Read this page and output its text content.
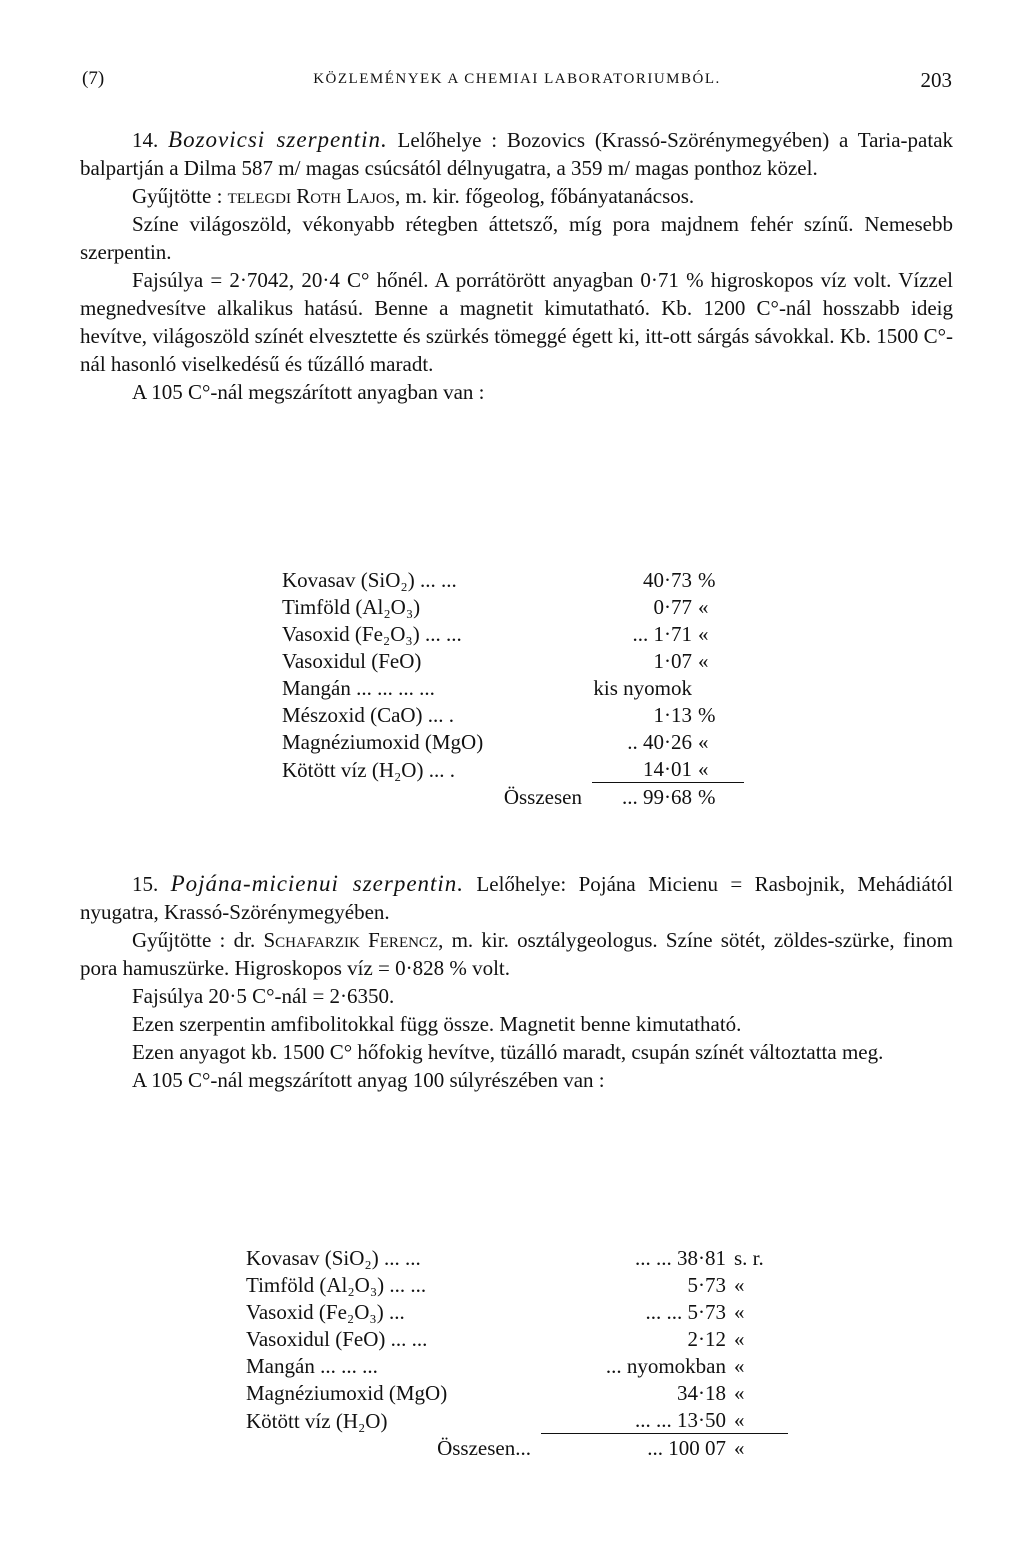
(7)	KÖZLEMÉNYEK A CHEMIAI LABORATORIUMBÓL.	203

14. Bozovicsi szerpentin. Lelőhelye : Bozovics (Krassó-Szörénymegyében) a Taria-patak balpartján a Dilma 587 m/ magas csúcsától délnyugatra, a 359 m/ magas ponthoz közel.

Gyűjtötte : telegdi Roth Lajos, m. kir. főgeolog, főbányatanácsos.

Színe világoszöld, vékonyabb rétegben áttetsző, míg pora majdnem fehér színű. Nemesebb szerpentin.

Fajsúlya = 2·7042, 20·4 C° hőnél. A porrátörött anyagban 0·71 % higroskopos víz volt. Vízzel megnedvesítve alkalikus hatású. Benne a magnetit kimutatható. Kb. 1200 C°-nál hosszabb ideig hevítve, világoszöld színét elvesztette és szürkés tömeggé égett ki, itt-ott sárgás sávokkal. Kb. 1500 C°-nál hasonló viselkedésű és tűzálló maradt.

A 105 C°-nál megszárított anyagban van :

Kovasav (SiO₂) ... ...	40·73	%
Timföld (Al₂O₃)	0·77	«
Vasoxid (Fe₂O₃) ... ...	... 1·71	«
Vasoxidul (FeO)	1·07	«
Mangán ... ... ... ...	kis nyomok	
Mészoxid (CaO) ... .	1·13	%
Magnéziumoxid (MgO)	.. 40·26	«
Kötött víz (H₂O) ... .	14·01	«
Összesen	... 99·68	%

15. Pojána-micienui szerpentin. Lelőhelye: Pojána Micienu = Rasbojnik, Mehádiától nyugatra, Krassó-Szörénymegyében.

Gyűjtötte : dr. Schafarzik Ferencz, m. kir. osztálygeologus. Színe sötét, zöldes-szürke, finom pora hamuszürke. Higroskopos víz = 0·828 % volt.

Fajsúlya 20·5 C°-nál = 2·6350.

Ezen szerpentin amfibolitokkal függ össze. Magnetit benne kimutatható.

Ezen anyagot kb. 1500 C° hőfokig hevítve, tüzálló maradt, csupán színét változtatta meg.

A 105 C°-nál megszárított anyag 100 súlyrészében van :

Kovasav (SiO₂) ... ...	... ... 38·81	s. r.
Timföld (Al₂O₃) ... ...	5·73	«
Vasoxid (Fe₂O₃) ...	... ... 5·73	«
Vasoxidul (FeO) ... ...	2·12	«
Mangán ... ... ...	... nyomokban	«
Magnéziumoxid (MgO)	34·18	«
Kötött víz (H₂O)	... ... 13·50	«
Összesen...	... 100 07	«
